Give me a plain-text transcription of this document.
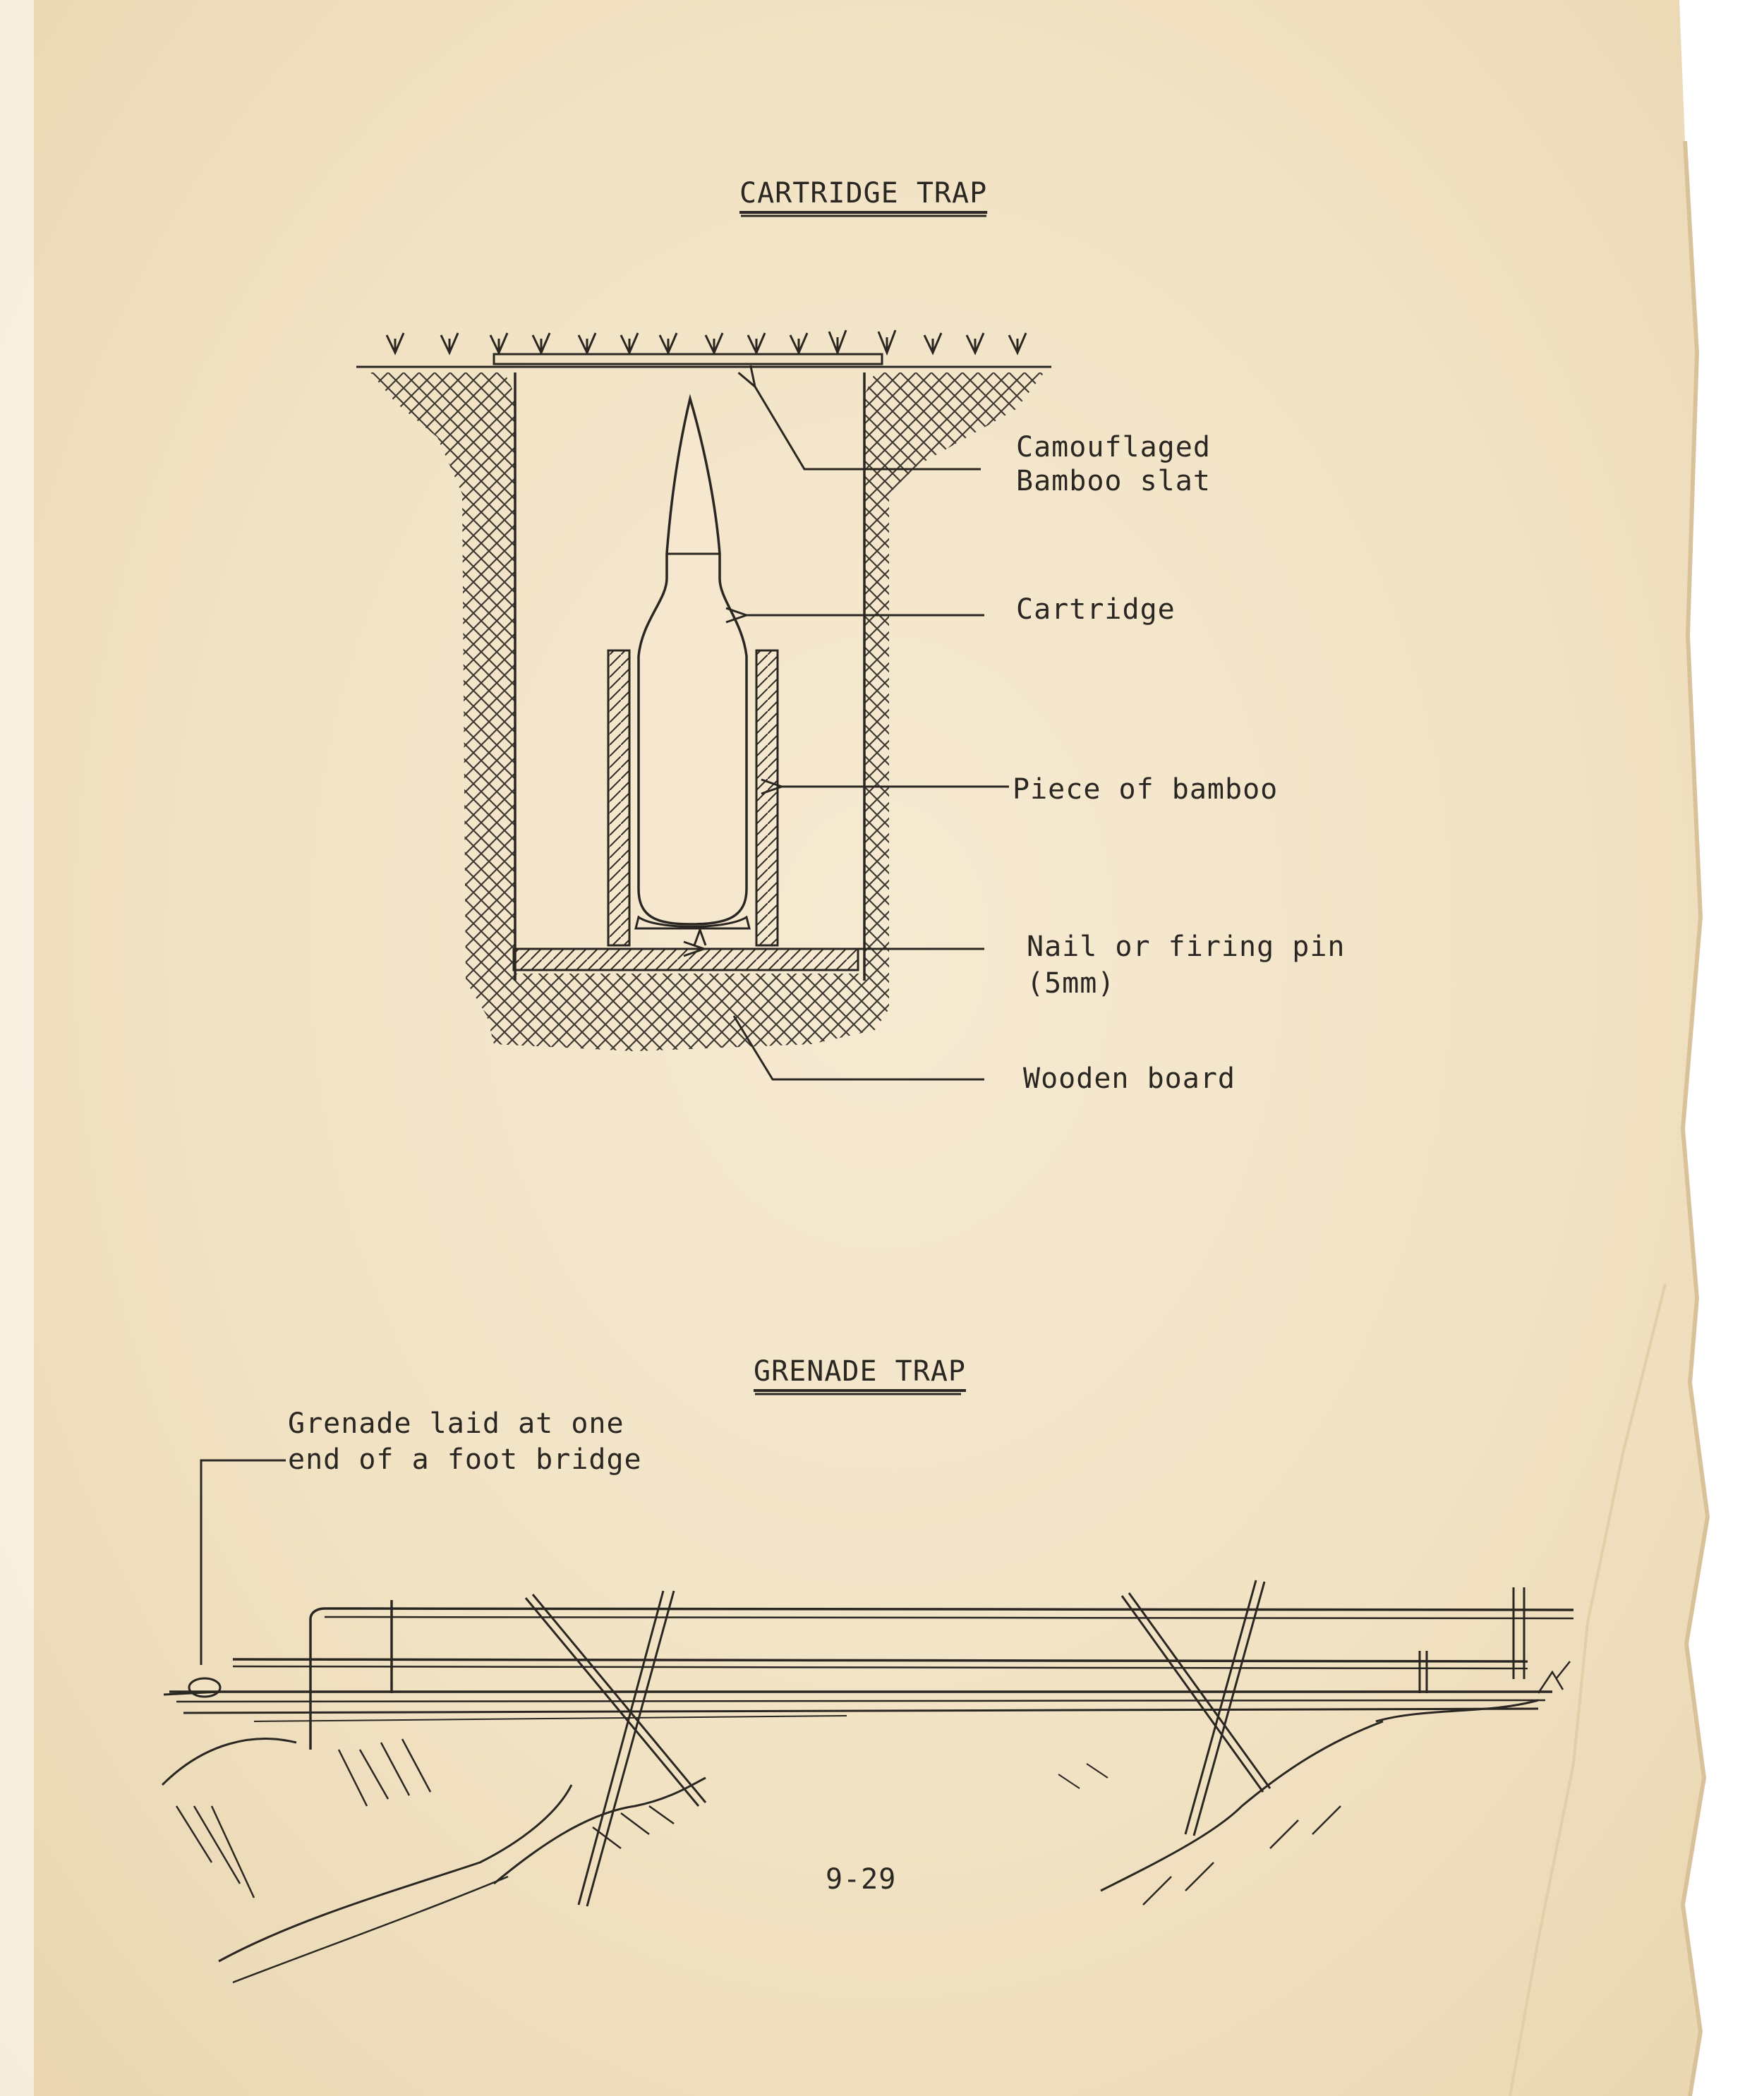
CARTRIDGE TRAP

Camouflaged

Bamboo slat

Cartridge

Piece of bamboo

Nail or firing pin

(5mm)

Wooden board

GRENADE TRAP

Grenade laid at one

end of a foot bridge

9-29
